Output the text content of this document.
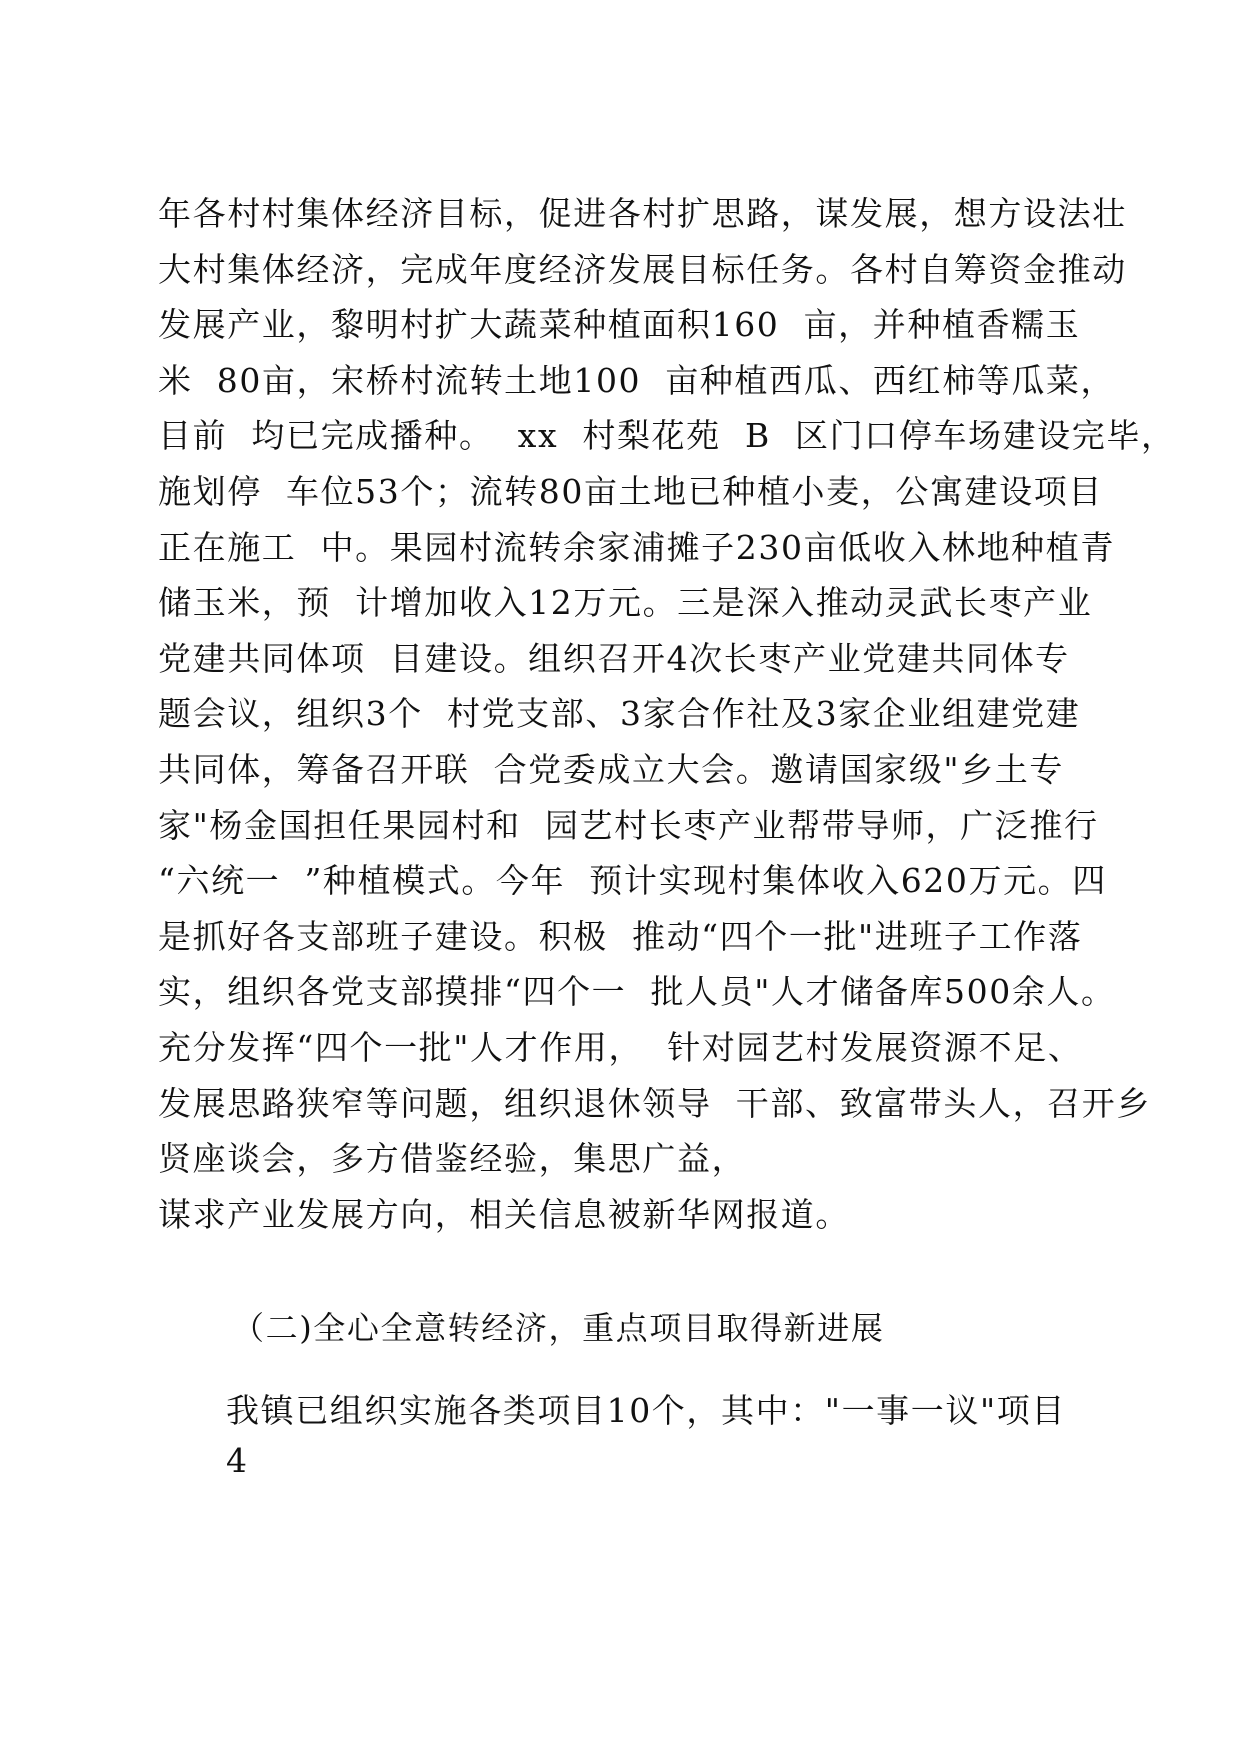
年各村村集体经济目标，促进各村扩思路，谋发展，想方设法壮
大村集体经济，完成年度经济发展目标任务。各村自筹资金推动
发展产业，黎明村扩大蔬菜种植面积160  亩，并种植香糯玉
米  80亩，宋桥村流转土地100  亩种植西瓜、西红柿等瓜菜，
目前  均已完成播种。  xx  村梨花苑  B  区门口停车场建设完毕，
施划停  车位53个；流转80亩土地已种植小麦，公寓建设项目
正在施工  中。果园村流转余家浦摊子230亩低收入林地种植青
储玉米，预  计增加收入12万元。三是深入推动灵武长枣产业
党建共同体项  目建设。组织召开4次长枣产业党建共同体专
题会议，组织3个  村党支部、3家合作社及3家企业组建党建
共同体，筹备召开联  合党委成立大会。邀请国家级"乡土专
家"杨金国担任果园村和  园艺村长枣产业帮带导师，广泛推行
“六统一  ”种植模式。今年  预计实现村集体收入620万元。四
是抓好各支部班子建设。积极  推动“四个一批"进班子工作落
实，组织各党支部摸排“四个一  批人员"人才储备库500余人。
充分发挥“四个一批"人才作用，  针对园艺村发展资源不足、
发展思路狭窄等问题，组织退休领导  干部、致富带头人，召开乡
贤座谈会，多方借鉴经验，集思广益，
谋求产业发展方向，相关信息被新华网报道。
（二)全心全意转经济，重点项目取得新进展
我镇已组织实施各类项目10个，其中："一事一议"项目
4
